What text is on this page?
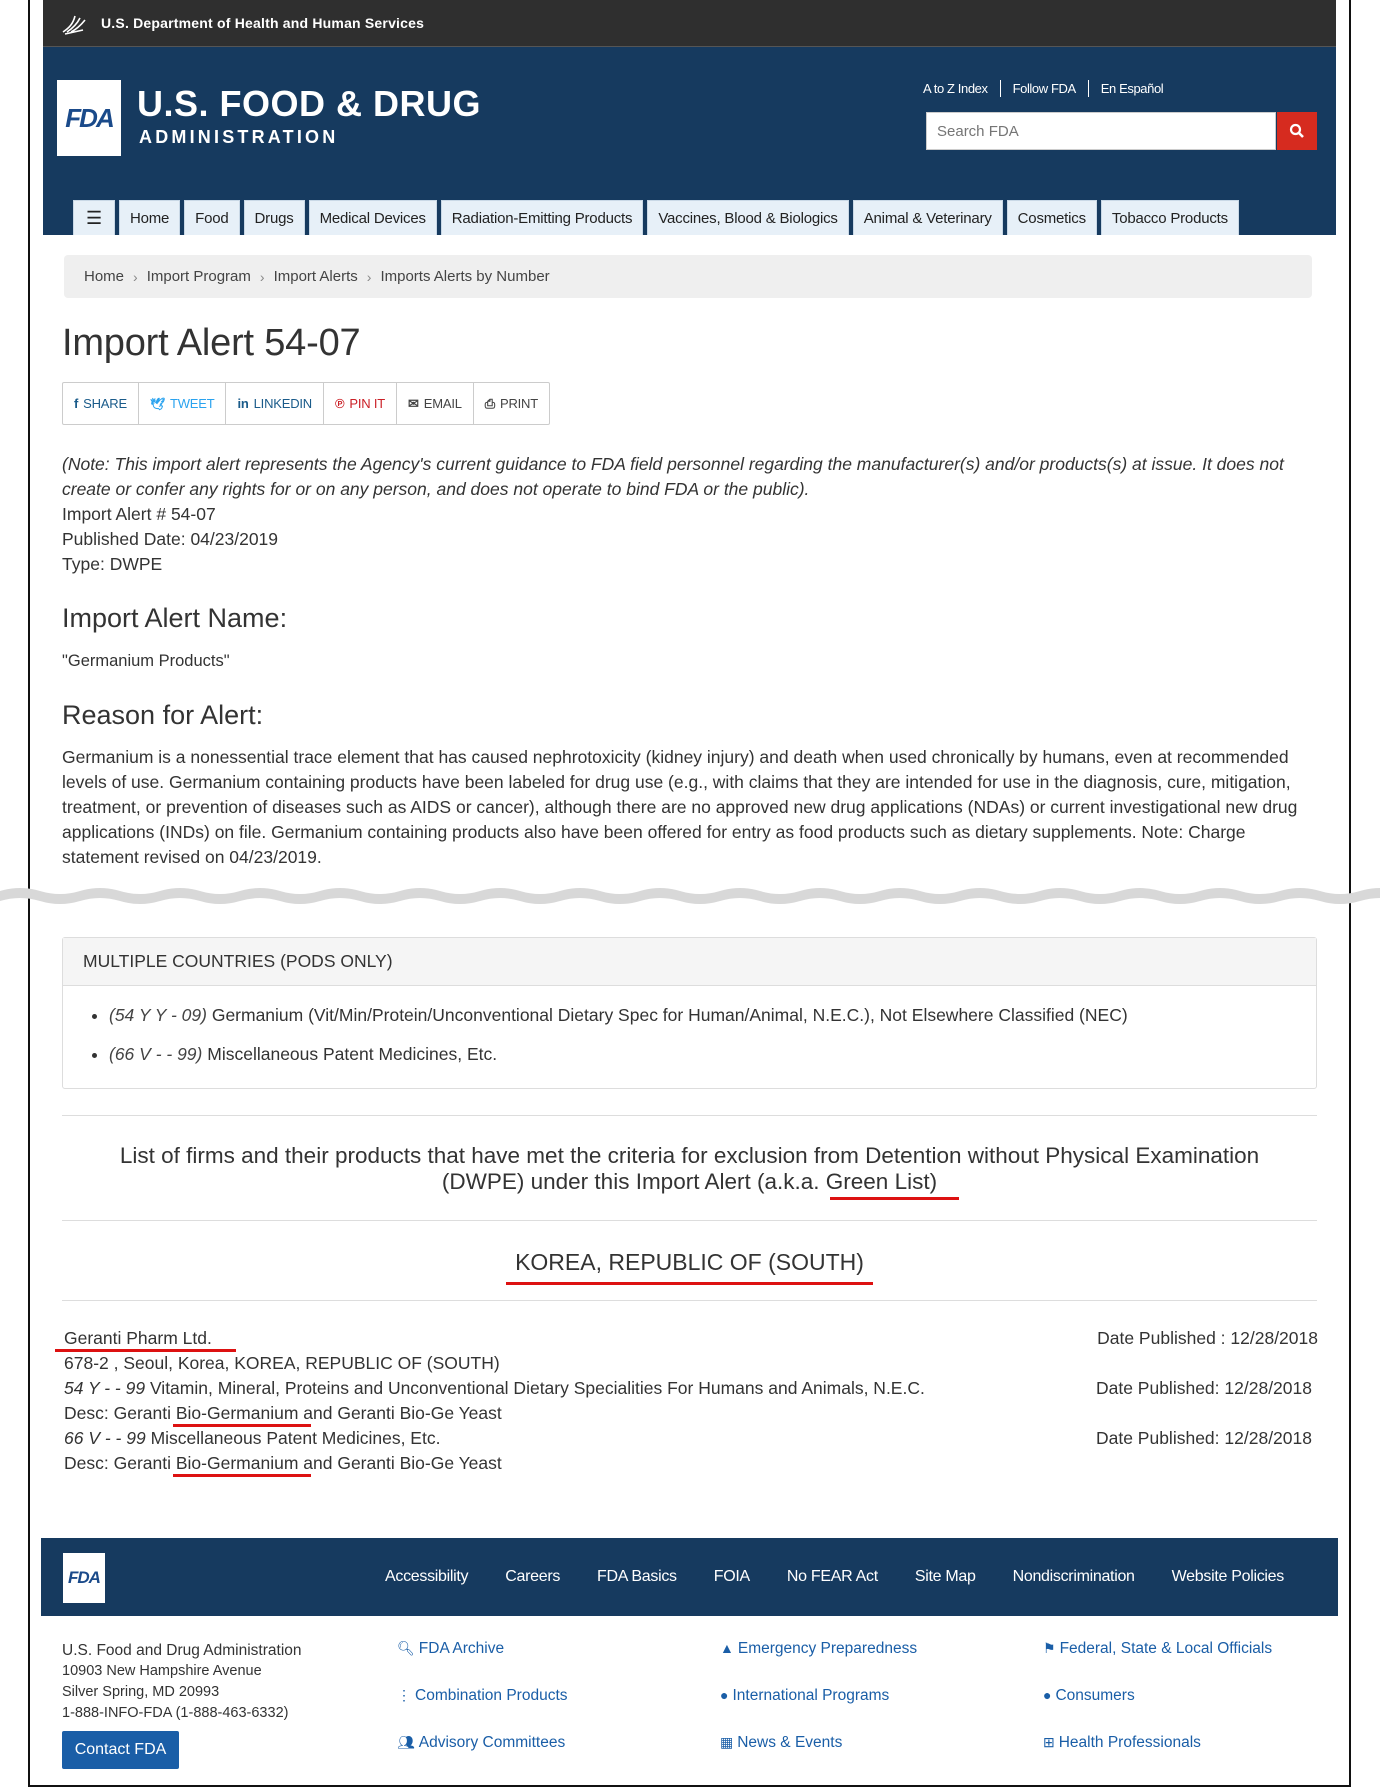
U.S. Department of Health and Human Services
FDA U.S. FOOD & DRUG
ADMINISTRATION
A to Z Index Follow FDA En Español
Search FDA
☰	Home	Food	Drugs	Medical Devices	Radiation-Emitting Products	Vaccines, Blood & Biologics	Animal & Veterinary	Cosmetics	Tobacco Products
Home › Import Program › Import Alerts › Imports Alerts by Number
Import Alert 54-07
f SHARE 🕊 TWEET in LINKEDIN ℗ PIN IT ✉ EMAIL ⎙ PRINT
(Note: This import alert represents the Agency's current guidance to FDA field personnel regarding the manufacturer(s) and/or products(s) at issue. It does not create or confer any rights for or on any person, and does not operate to bind FDA or the public).
Import Alert # 54-07
Published Date: 04/23/2019
Type: DWPE
Import Alert Name:
"Germanium Products"
Reason for Alert:
Germanium is a nonessential trace element that has caused nephrotoxicity (kidney injury) and death when used chronically by humans, even at recommended levels of use. Germanium containing products have been labeled for drug use (e.g., with claims that they are intended for use in the diagnosis, cure, mitigation, treatment, or prevention of diseases such as AIDS or cancer), although there are no approved new drug applications (NDAs) or current investigational new drug applications (INDs) on file. Germanium containing products also have been offered for entry as food products such as dietary supplements. Note: Charge statement revised on 04/23/2019.
MULTIPLE COUNTRIES (PODS ONLY)
• (54 Y Y - 09) Germanium (Vit/Min/Protein/Unconventional Dietary Spec for Human/Animal, N.E.C.), Not Elsewhere Classified (NEC)
• (66 V - - 99) Miscellaneous Patent Medicines, Etc.
List of firms and their products that have met the criteria for exclusion from Detention without Physical Examination
(DWPE) under this Import Alert (a.k.a. Green List)
KOREA, REPUBLIC OF (SOUTH)
Geranti Pharm Ltd.	Date Published : 12/28/2018
678-2 , Seoul, Korea, KOREA, REPUBLIC OF (SOUTH)
54 Y - - 99 Vitamin, Mineral, Proteins and Unconventional Dietary Specialities For Humans and Animals, N.E.C.	Date Published: 12/28/2018
Desc: Geranti Bio-Germanium and Geranti Bio-Ge Yeast
66 V - - 99 Miscellaneous Patent Medicines, Etc.	Date Published: 12/28/2018
Desc: Geranti Bio-Germanium and Geranti Bio-Ge Yeast
FDA	Accessibility Careers FDA Basics FOIA No FEAR Act Site Map Nondiscrimination Website Policies
U.S. Food and Drug Administration
10903 New Hampshire Avenue
Silver Spring, MD 20993
1-888-INFO-FDA (1-888-463-6332)
Contact FDA
🔍︎ FDA Archive
⋮ Combination Products
👥︎ Advisory Committees
▲ Emergency Preparedness
● International Programs
▦ News & Events
⚑ Federal, State & Local Officials
● Consumers
⊞ Health Professionals
